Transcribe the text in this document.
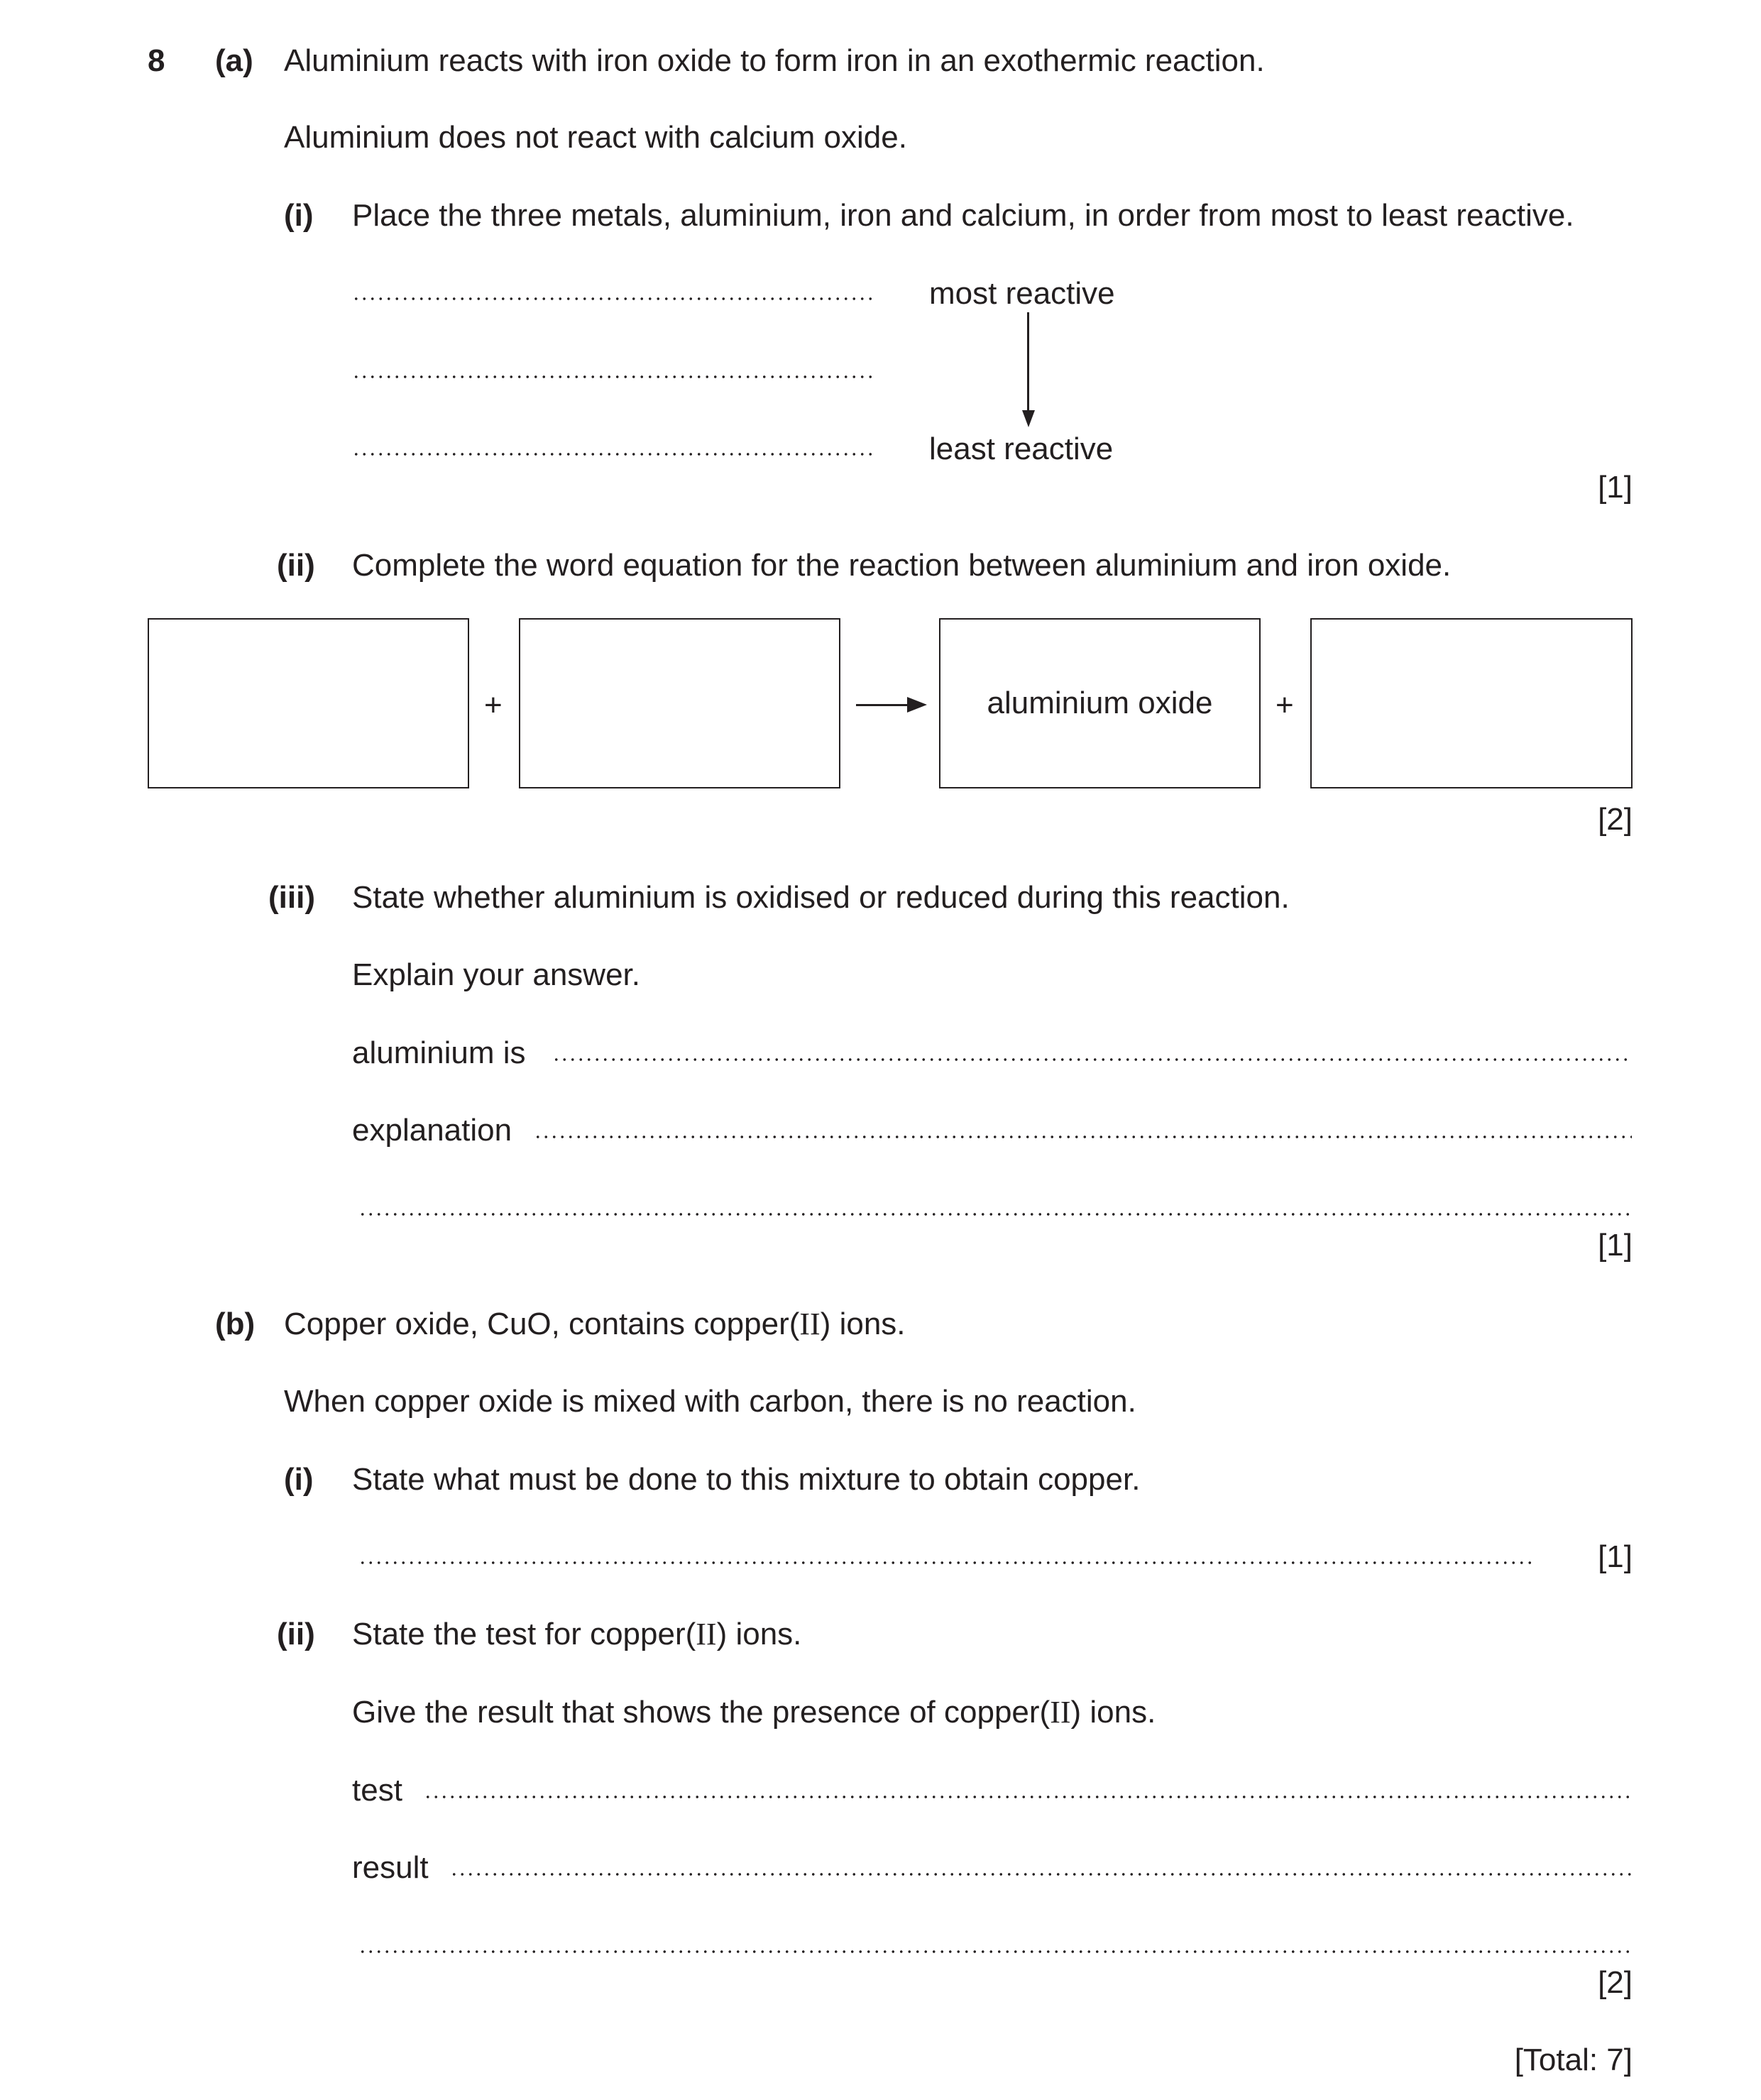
8 (a) Aluminium reacts with iron oxide to form iron in an exothermic reaction.
Aluminium does not react with calcium oxide.
(i) Place the three metals, aluminium, iron and calcium, in order from most to least reactive.
most reactive
least reactive
[1]
(ii) Complete the word equation for the reaction between aluminium and iron oxide.
+	aluminium oxide +
[2]
(iii) State whether aluminium is oxidised or reduced during this reaction.
Explain your answer.
aluminium is
explanation
[1]
(b) Copper oxide, CuO, contains copper(II) ions.
When copper oxide is mixed with carbon, there is no reaction.
(i) State what must be done to this mixture to obtain copper.
[1]
(ii) State the test for copper(II) ions.
Give the result that shows the presence of copper(II) ions.
test
result
[2]
[Total: 7]
